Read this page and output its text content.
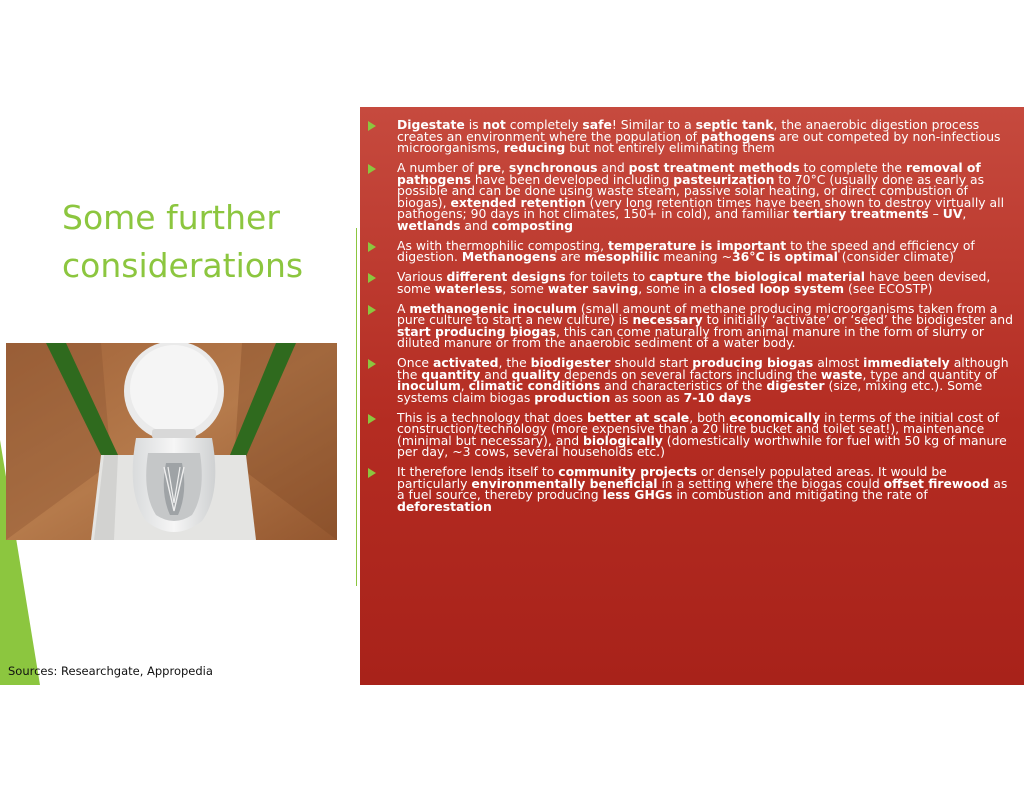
Some further considerations
Sources: Researchgate, Appropedia
Digestate is not completely safe! Similar to a septic tank, the anaerobic digestion process creates an environment where the population of pathogens are out competed by non-infectious microorganisms, reducing but not entirely eliminating them
A number of pre, synchronous and post treatment methods to complete the removal of pathogens have been developed including pasteurization to 70°C (usually done as early as possible and can be done using waste steam, passive solar heating, or direct combustion of biogas), extended retention (very long retention times have been shown to destroy virtually all pathogens; 90 days in hot climates, 150+ in cold), and familiar tertiary treatments – UV, wetlands and composting
As with thermophilic composting, temperature is important to the speed and efficiency of digestion. Methanogens are mesophilic meaning ~36°C is optimal (consider climate)
Various different designs for toilets to capture the biological material have been devised, some waterless, some water saving, some in a closed loop system (see ECOSTP)
A methanogenic inoculum (small amount of methane producing microorganisms taken from a pure culture to start a new culture) is necessary to initially ‘activate’ or ‘seed’ the biodigester and start producing biogas, this can come naturally from animal manure in the form of slurry or diluted manure or from the anaerobic sediment of a water body.
Once activated, the biodigester should start producing biogas almost immediately although the quantity and quality depends on several factors including the waste, type and quantity of inoculum, climatic conditions and characteristics of the digester (size, mixing etc.). Some systems claim biogas production as soon as 7-10 days
This is a technology that does better at scale, both economically in terms of the initial cost of construction/technology (more expensive than a 20 litre bucket and toilet seat!), maintenance (minimal but necessary), and biologically (domestically worthwhile for fuel with 50 kg of manure per day, ~3 cows, several households etc.)
It therefore lends itself to community projects or densely populated areas. It would be particularly environmentally beneficial in a setting where the biogas could offset firewood as a fuel source, thereby producing less GHGs in combustion and mitigating the rate of deforestation
